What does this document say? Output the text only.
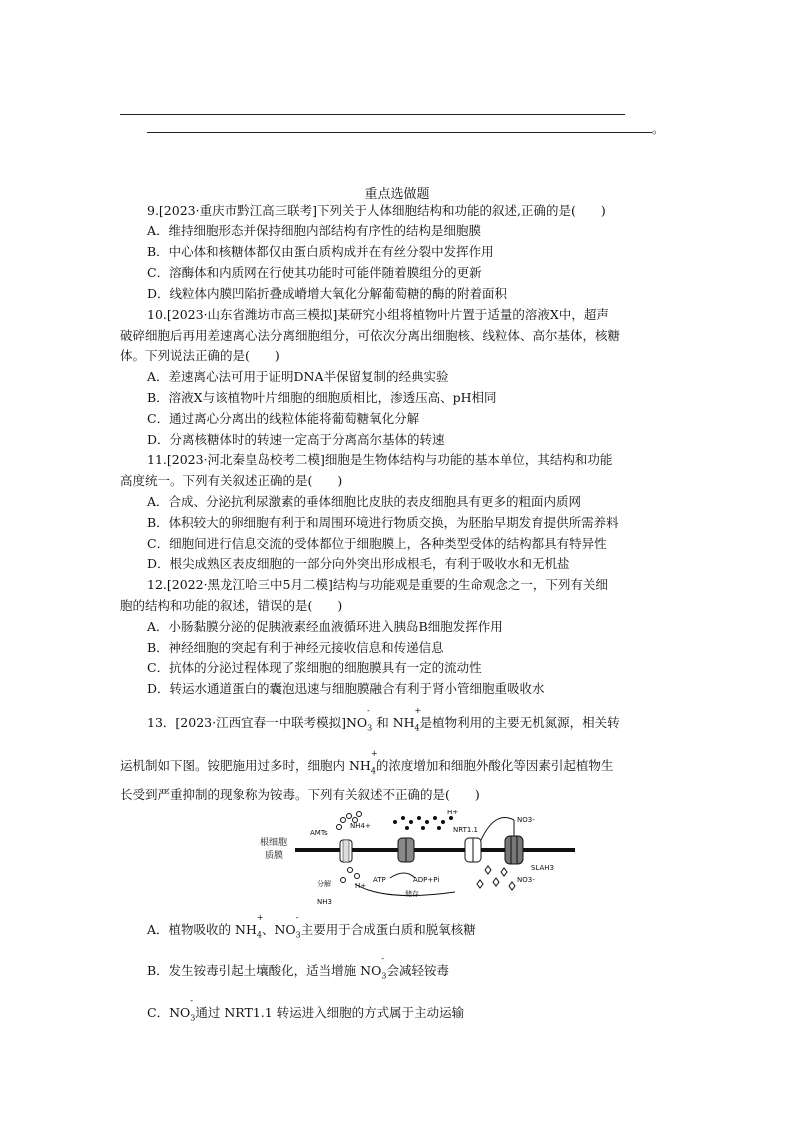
。
重点选做题
9.[2023·重庆市黔江高三联考]下列关于人体细胞结构和功能的叙述,正确的是(　　)
A．维持细胞形态并保持细胞内部结构有序性的结构是细胞膜
B．中心体和核糖体都仅由蛋白质构成并在有丝分裂中发挥作用
C．溶酶体和内质网在行使其功能时可能伴随着膜组分的更新
D．线粒体内膜凹陷折叠成嵴增大氧化分解葡萄糖的酶的附着面积
10.[2023·山东省潍坊市高三模拟]某研究小组将植物叶片置于适量的溶液X中，超声
破碎细胞后再用差速离心法分离细胞组分，可依次分离出细胞核、线粒体、高尔基体，核糖
体。下列说法正确的是(　　)
A．差速离心法可用于证明DNA半保留复制的经典实验
B．溶液X与该植物叶片细胞的细胞质相比，渗透压高、pH相同
C．通过离心分离出的线粒体能将葡萄糖氧化分解
D．分离核糖体时的转速一定高于分离高尔基体的转速
11.[2023·河北秦皇岛校考二模]细胞是生物体结构与功能的基本单位，其结构和功能
高度统一。下列有关叙述正确的是(　　)
A．合成、分泌抗利尿激素的垂体细胞比皮肤的表皮细胞具有更多的粗面内质网
B．体积较大的卵细胞有利于和周围环境进行物质交换，为胚胎早期发育提供所需养料
C．细胞间进行信息交流的受体都位于细胞膜上，各种类型受体的结构都具有特异性
D．根尖成熟区表皮细胞的一部分向外突出形成根毛，有利于吸收水和无机盐
12.[2022·黑龙江哈三中5月二模]结构与功能观是重要的生命观念之一，下列有关细
胞的结构和功能的叙述，错误的是(　　)
A．小肠黏膜分泌的促胰液素经血液循环进入胰岛B细胞发挥作用
B．神经细胞的突起有利于神经元接收信息和传递信息
C．抗体的分泌过程体现了浆细胞的细胞膜具有一定的流动性
D．转运水通道蛋白的囊泡迅速与细胞膜融合有利于肾小管细胞重吸收水
13．[2023·江西宜春一中联考模拟]NO
-
$_3$ 和 NH
+
$_4$是植物利用的主要无机氮源，相关转
运机制如下图。铵肥施用过多时，细胞内 NH
+
$_4$的浓度增加和细胞外酸化等因素引起植物生
长受到严重抑制的现象称为铵毒。下列有关叙述不正确的是(　　)
根细胞
质膜
AMTs
NH4+
ATP	ADP+Pi
H+
NRT1.1
SLAH3
NO3-
NO3-
分解	H+
储存
NH3
A．植物吸收的 NH
+
$_4$、NO
-
$_3$主要用于合成蛋白质和脱氧核糖
B．发生铵毒引起土壤酸化，适当增施 NO
-
$_3$会减轻铵毒
C．NO
-
$_3$通过 NRT1.1 转运进入细胞的方式属于主动运输
